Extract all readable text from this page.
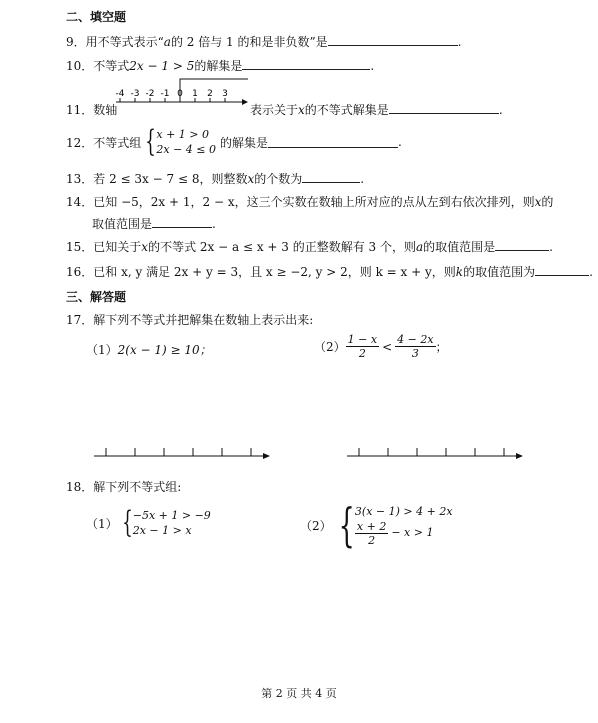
二、填空题
9．用不等式表示“a的 2 倍与 1 的和是非负数”是	.
10．不等式2x − 1 > 5的解集是	.
11．数轴
-4 -3 -2 -1 0 1 2 3
表示关于x的不等式解集是	.
12． 不等式组 { x + 1 > 0
2x − 4 ≤ 0 的解集是	.
13．若 2 ≤ 3x − 7 ≤ 8，则整数x的个数为	.
14．已知 −5，2x + 1，2 − x，这三个实数在数轴上所对应的点从左到右依次排列，则x的
取值范围是	.
15．已知关于x的不等式 2x − a ≤ x + 3 的正整数解有 3 个，则a的取值范围是	.
16．已和 x, y 满足 2x + y = 3，且 x ≥ −2, y > 2，则 k = x + y，则k的取值范围为	.
三、解答题
17．解下列不等式并把解集在数轴上表示出来:
（1）2(x − 1) ≥ 10；	$(2) \frac{1 - x}{2} < \frac{4 - 2x}{3}$ ；
18．解下列不等式组:
（1） { −5x + 1 > −9
2x − 1 > x	（2） { 3(x − 1) > 4 + 2x
$\frac{x + 2}{2} - x > 1$
第 2 页 共 4 页
